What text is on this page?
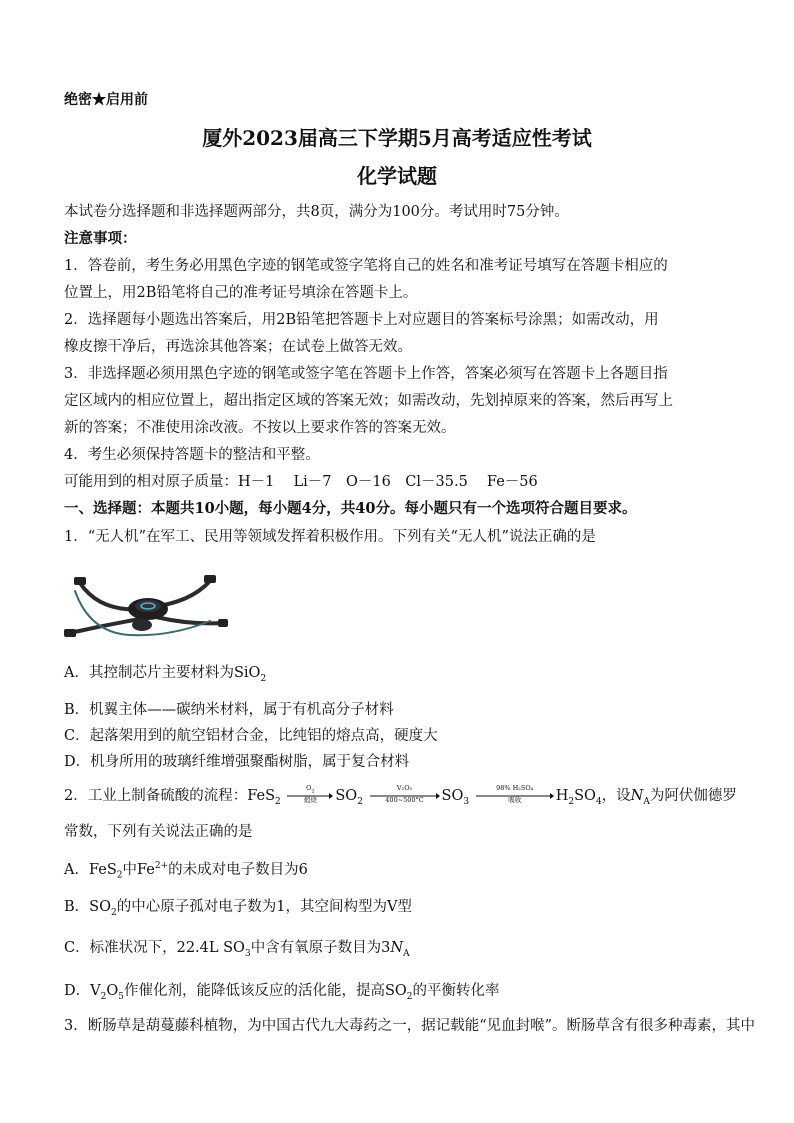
绝密★启用前
厦外2023届高三下学期5月高考适应性考试
化学试题
本试卷分选择题和非选择题两部分，共8页，满分为100分。考试用时75分钟。
注意事项：
1．答卷前，考生务必用黑色字迹的钢笔或签字笔将自己的姓名和准考证号填写在答题卡相应的
位置上，用2B铅笔将自己的准考证号填涂在答题卡上。
2．选择题每小题选出答案后，用2B铅笔把答题卡上对应题目的答案标号涂黑；如需改动，用
橡皮擦干净后，再选涂其他答案；在试卷上做答无效。
3．非选择题必须用黑色字迹的钢笔或签字笔在答题卡上作答，答案必须写在答题卡上各题目指
定区域内的相应位置上，超出指定区域的答案无效；如需改动，先划掉原来的答案，然后再写上
新的答案；不准使用涂改液。不按以上要求作答的答案无效。
4．考生必须保持答题卡的整洁和平整。
可能用到的相对原子质量：H－1　 Li－7　O－16　Cl－35.5　 Fe－56
一、选择题：本题共10小题，每小题4分，共40分。每小题只有一个选项符合题目要求。
1．“无人机”在军工、民用等领域发挥着积极作用。下列有关“无人机”说法正确的是
A．其控制芯片主要材料为SiO$_2$
B．机翼主体——碳纳米材料，属于有机高分子材料
C．起落架用到的航空铝材合金，比纯铝的熔点高，硬度大
D．机身所用的玻璃纤维增强聚酯树脂，属于复合材料
2．工业上制备硫酸的流程：FeS$_2$
$O_2$
煅烧	$SO_2$
V₂O₅
400~500°C	$SO_3$
98% H₂SO₄
吸收	$H_2SO_4$，设$N_A$为阿伏伽德罗
常数，下列有关说法正确的是
A．FeS$_2$中$Fe^{2+}$的未成对电子数目为6
B．$SO_2$的中心原子孤对电子数为1，其空间构型为V型
C．标准状况下，22.4L $SO_3$中含有氧原子数目为$3N_A$
D．$V_2O_5$作催化剂，能降低该反应的活化能，提高$SO_2$的平衡转化率
3．断肠草是葫蔓藤科植物，为中国古代九大毒药之一，据记载能“见血封喉”。断肠草含有很多种毒素，其中
